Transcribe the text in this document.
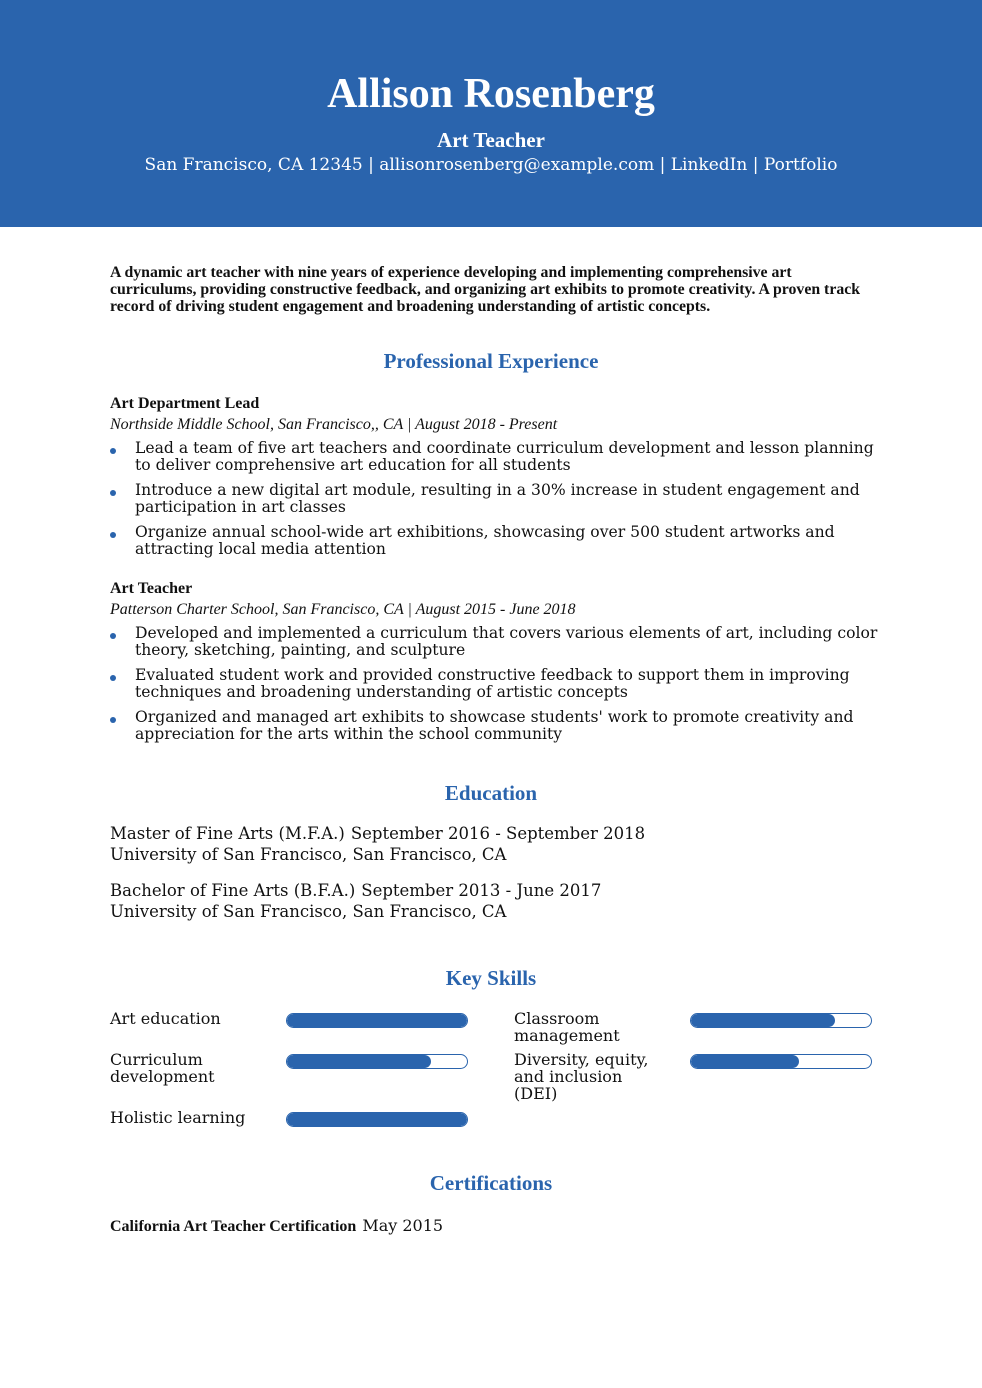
Allison Rosenberg
Art Teacher
San Francisco, CA 12345 | allisonrosenberg@example.com | LinkedIn | Portfolio
A dynamic art teacher with nine years of experience developing and implementing comprehensive art curriculums, providing constructive feedback, and organizing art exhibits to promote creativity. A proven track record of driving student engagement and broadening understanding of artistic concepts.
Professional Experience
Art Department Lead
Northside Middle School, San Francisco,, CA | August 2018 - Present
Lead a team of five art teachers and coordinate curriculum development and lesson planning to deliver comprehensive art education for all students
Introduce a new digital art module, resulting in a 30% increase in student engagement and participation in art classes
Organize annual school-wide art exhibitions, showcasing over 500 student artworks and attracting local media attention
Art Teacher
Patterson Charter School, San Francisco, CA | August 2015 - June 2018
Developed and implemented a curriculum that covers various elements of art, including color theory, sketching, painting, and sculpture
Evaluated student work and provided constructive feedback to support them in improving techniques and broadening understanding of artistic concepts
Organized and managed art exhibits to showcase students' work to promote creativity and appreciation for the arts within the school community
Education
Master of Fine Arts (M.F.A.) September 2016 - September 2018
University of San Francisco, San Francisco, CA
Bachelor of Fine Arts (B.F.A.) September 2013 - June 2017
University of San Francisco, San Francisco, CA
Key Skills
Art education	Classroom management
Curriculum development
Diversity, equity, and inclusion (DEI)
Holistic learning
Certifications
California Art Teacher Certification May 2015
